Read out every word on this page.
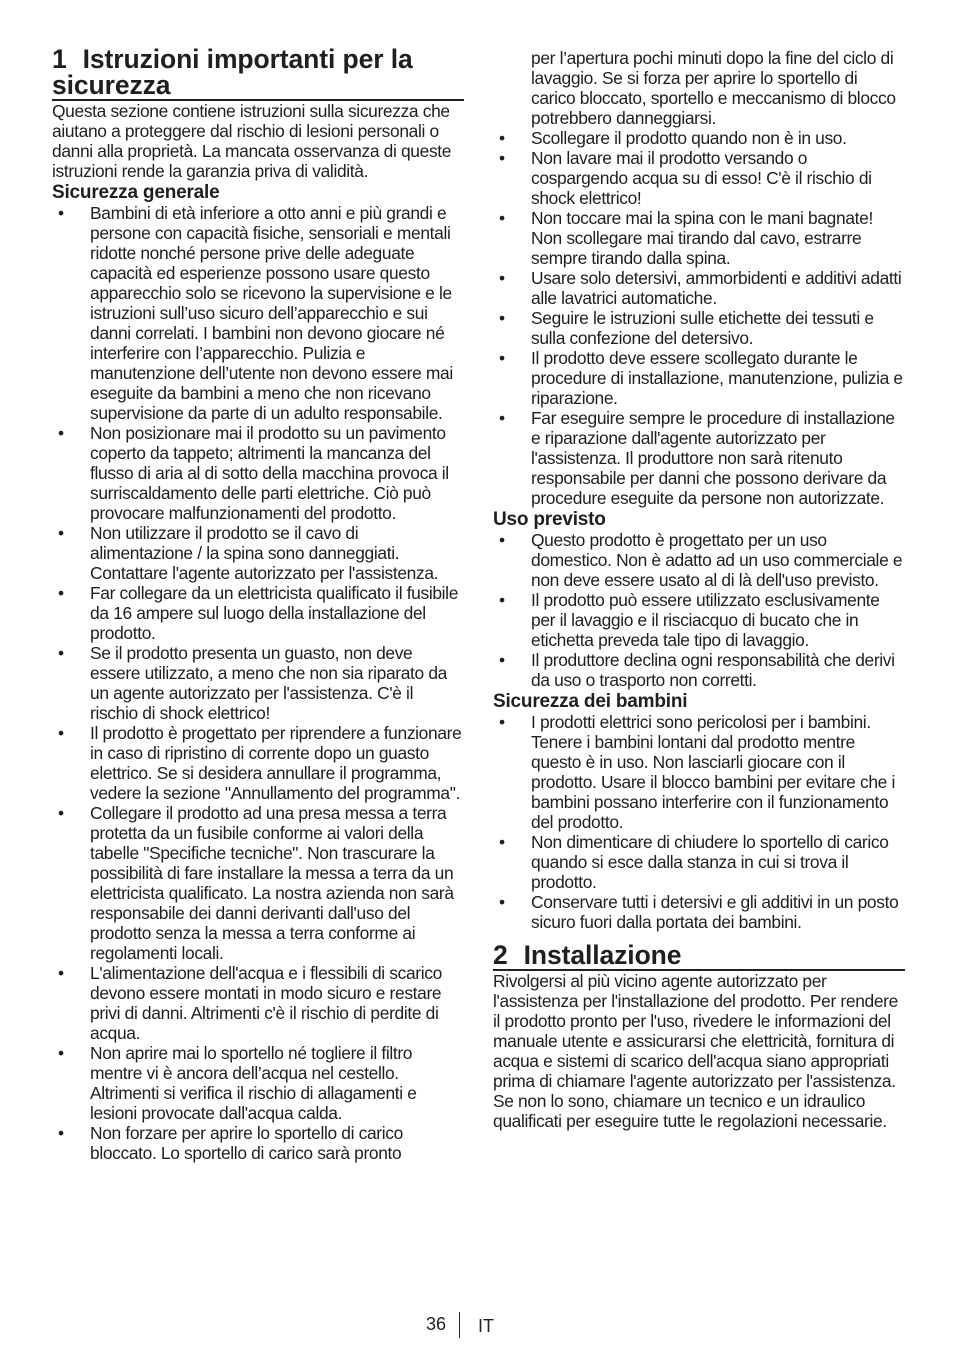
1 Istruzioni importanti per la sicurezza

Questa sezione contiene istruzioni sulla sicurezza che aiutano a proteggere dal rischio di lesioni personali o danni alla proprietà. La mancata osservanza di queste istruzioni rende la garanzia priva di validità.

Sicurezza generale
• Bambini di età inferiore a otto anni e più grandi e persone con capacità fisiche, sensoriali e mentali ridotte nonché persone prive delle adeguate capacità ed esperienze possono usare questo apparecchio solo se ricevono la supervisione e le istruzioni sull’uso sicuro dell’apparecchio e sui danni correlati. I bambini non devono giocare né interferire con l’apparecchio. Pulizia e manutenzione dell’utente non devono essere mai eseguite da bambini a meno che non ricevano supervisione da parte di un adulto responsabile.
• Non posizionare mai il prodotto su un pavimento coperto da tappeto; altrimenti la mancanza del flusso di aria al di sotto della macchina provoca il surriscaldamento delle parti elettriche. Ciò può provocare malfunzionamenti del prodotto.
• Non utilizzare il prodotto se il cavo di alimentazione / la spina sono danneggiati. Contattare l'agente autorizzato per l'assistenza.
• Far collegare da un elettricista qualificato il fusibile da 16 ampere sul luogo della installazione del prodotto.
• Se il prodotto presenta un guasto, non deve essere utilizzato, a meno che non sia riparato da un agente autorizzato per l'assistenza. C'è il rischio di shock elettrico!
• Il prodotto è progettato per riprendere a funzionare in caso di ripristino di corrente dopo un guasto elettrico. Se si desidera annullare il programma, vedere la sezione "Annullamento del programma".
• Collegare il prodotto ad una presa messa a terra protetta da un fusibile conforme ai valori della tabelle "Specifiche tecniche". Non trascurare la possibilità di fare installare la messa a terra da un elettricista qualificato. La nostra azienda non sarà responsabile dei danni derivanti dall'uso del prodotto senza la messa a terra conforme ai regolamenti locali.
• L'alimentazione dell'acqua e i flessibili di scarico devono essere montati in modo sicuro e restare privi di danni. Altrimenti c'è il rischio di perdite di acqua.
• Non aprire mai lo sportello né togliere il filtro mentre vi è ancora dell’acqua nel cestello. Altrimenti si verifica il rischio di allagamenti e lesioni provocate dall'acqua calda.
• Non forzare per aprire lo sportello di carico bloccato. Lo sportello di carico sarà pronto
per l’apertura pochi minuti dopo la fine del ciclo di lavaggio. Se si forza per aprire lo sportello di carico bloccato, sportello e meccanismo di blocco potrebbero danneggiarsi.
• Scollegare il prodotto quando non è in uso.
• Non lavare mai il prodotto versando o cospargendo acqua su di esso! C'è il rischio di shock elettrico!
• Non toccare mai la spina con le mani bagnate! Non scollegare mai tirando dal cavo, estrarre sempre tirando dalla spina.
• Usare solo detersivi, ammorbidenti e additivi adatti alle lavatrici automatiche.
• Seguire le istruzioni sulle etichette dei tessuti e sulla confezione del detersivo.
• Il prodotto deve essere scollegato durante le procedure di installazione, manutenzione, pulizia e riparazione.
• Far eseguire sempre le procedure di installazione e riparazione dall'agente autorizzato per l'assistenza. Il produttore non sarà ritenuto responsabile per danni che possono derivare da procedure eseguite da persone non autorizzate.
Uso previsto
• Questo prodotto è progettato per un uso domestico. Non è adatto ad un uso commerciale e non deve essere usato al di là dell'uso previsto.
• Il prodotto può essere utilizzato esclusivamente per il lavaggio e il risciacquo di bucato che in etichetta preveda tale tipo di lavaggio.
• Il produttore declina ogni responsabilità che derivi da uso o trasporto non corretti.
Sicurezza dei bambini
• I prodotti elettrici sono pericolosi per i bambini. Tenere i bambini lontani dal prodotto mentre questo è in uso. Non lasciarli giocare con il prodotto. Usare il blocco bambini per evitare che i bambini possano interferire con il funzionamento del prodotto.
• Non dimenticare di chiudere lo sportello di carico quando si esce dalla stanza in cui si trova il prodotto.
• Conservare tutti i detersivi e gli additivi in un posto sicuro fuori dalla portata dei bambini.
2 Installazione

Rivolgersi al più vicino agente autorizzato per l'assistenza per l'installazione del prodotto. Per rendere il prodotto pronto per l'uso, rivedere le informazioni del manuale utente e assicurarsi che elettricità, fornitura di acqua e sistemi di scarico dell'acqua siano appropriati prima di chiamare l'agente autorizzato per l'assistenza. Se non lo sono, chiamare un tecnico e un idraulico qualificati per eseguire tutte le regolazioni necessarie.

36 IT
